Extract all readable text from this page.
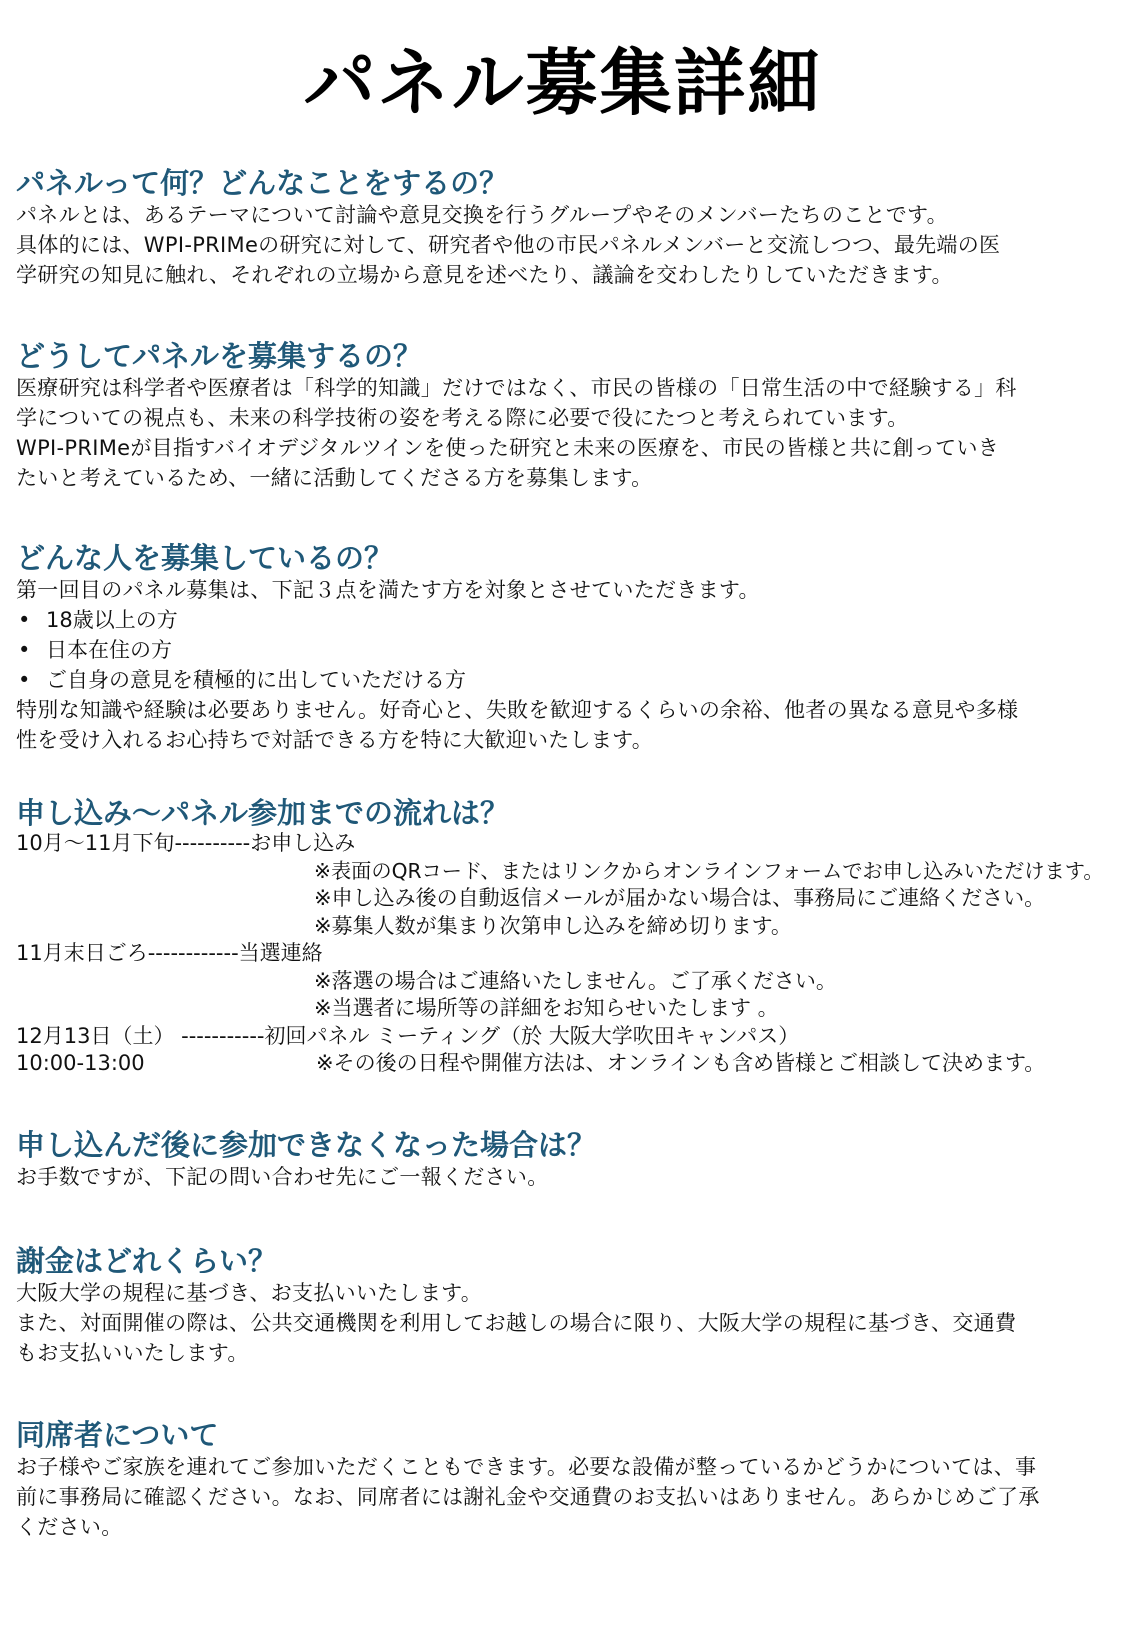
パネル募集詳細
パネルって何？どんなことをするの？

パネルとは、あるテーマについて討論や意見交換を行うグループやそのメンバーたちのことです。

具体的には、WPI-PRIMeの研究に対して、研究者や他の市民パネルメンバーと交流しつつ、最先端の医

学研究の知見に触れ、それぞれの立場から意見を述べたり、議論を交わしたりしていただきます。

どうしてパネルを募集するの？

医療研究は科学者や医療者は「科学的知識」だけではなく、市民の皆様の「日常生活の中で経験する」科

学についての視点も、未来の科学技術の姿を考える際に必要で役にたつと考えられています。

WPI-PRIMeが目指すバイオデジタルツインを使った研究と未来の医療を、市民の皆様と共に創っていき

たいと考えているため、一緒に活動してくださる方を募集します。

どんな人を募集しているの？

第一回目のパネル募集は、下記３点を満たす方を対象とさせていただきます。

• 18歳以上の方
• 日本在住の方
• ご自身の意見を積極的に出していただける方

特別な知識や経験は必要ありません。好奇心と、失敗を歓迎するくらいの余裕、他者の異なる意見や多様

性を受け入れるお心持ちで対話できる方を特に大歓迎いたします。

申し込み～パネル参加までの流れは？
10月～11月下旬----------お申し込み
※表面のQRコード、またはリンクからオンラインフォームでお申し込みいただけます。
※申し込み後の自動返信メールが届かない場合は、事務局にご連絡ください。
※募集人数が集まり次第申し込みを締め切ります。
11月末日ごろ------------当選連絡
※落選の場合はご連絡いたしません。ご了承ください。
※当選者に場所等の詳細をお知らせいたします 。
12月13日（土） -----------初回パネル ミーティング（於 大阪大学吹田キャンパス）
10:00-13:00	※その後の日程や開催方法は、オンラインも含め皆様とご相談して決めます。
申し込んだ後に参加できなくなった場合は？

お手数ですが、下記の問い合わせ先にご一報ください。

謝金はどれくらい？

大阪大学の規程に基づき、お支払いいたします。

また、対面開催の際は、公共交通機関を利用してお越しの場合に限り、大阪大学の規程に基づき、交通費

もお支払いいたします。

同席者について

お子様やご家族を連れてご参加いただくこともできます。必要な設備が整っているかどうかについては、事

前に事務局に確認ください。なお、同席者には謝礼金や交通費のお支払いはありません。あらかじめご了承

ください。
